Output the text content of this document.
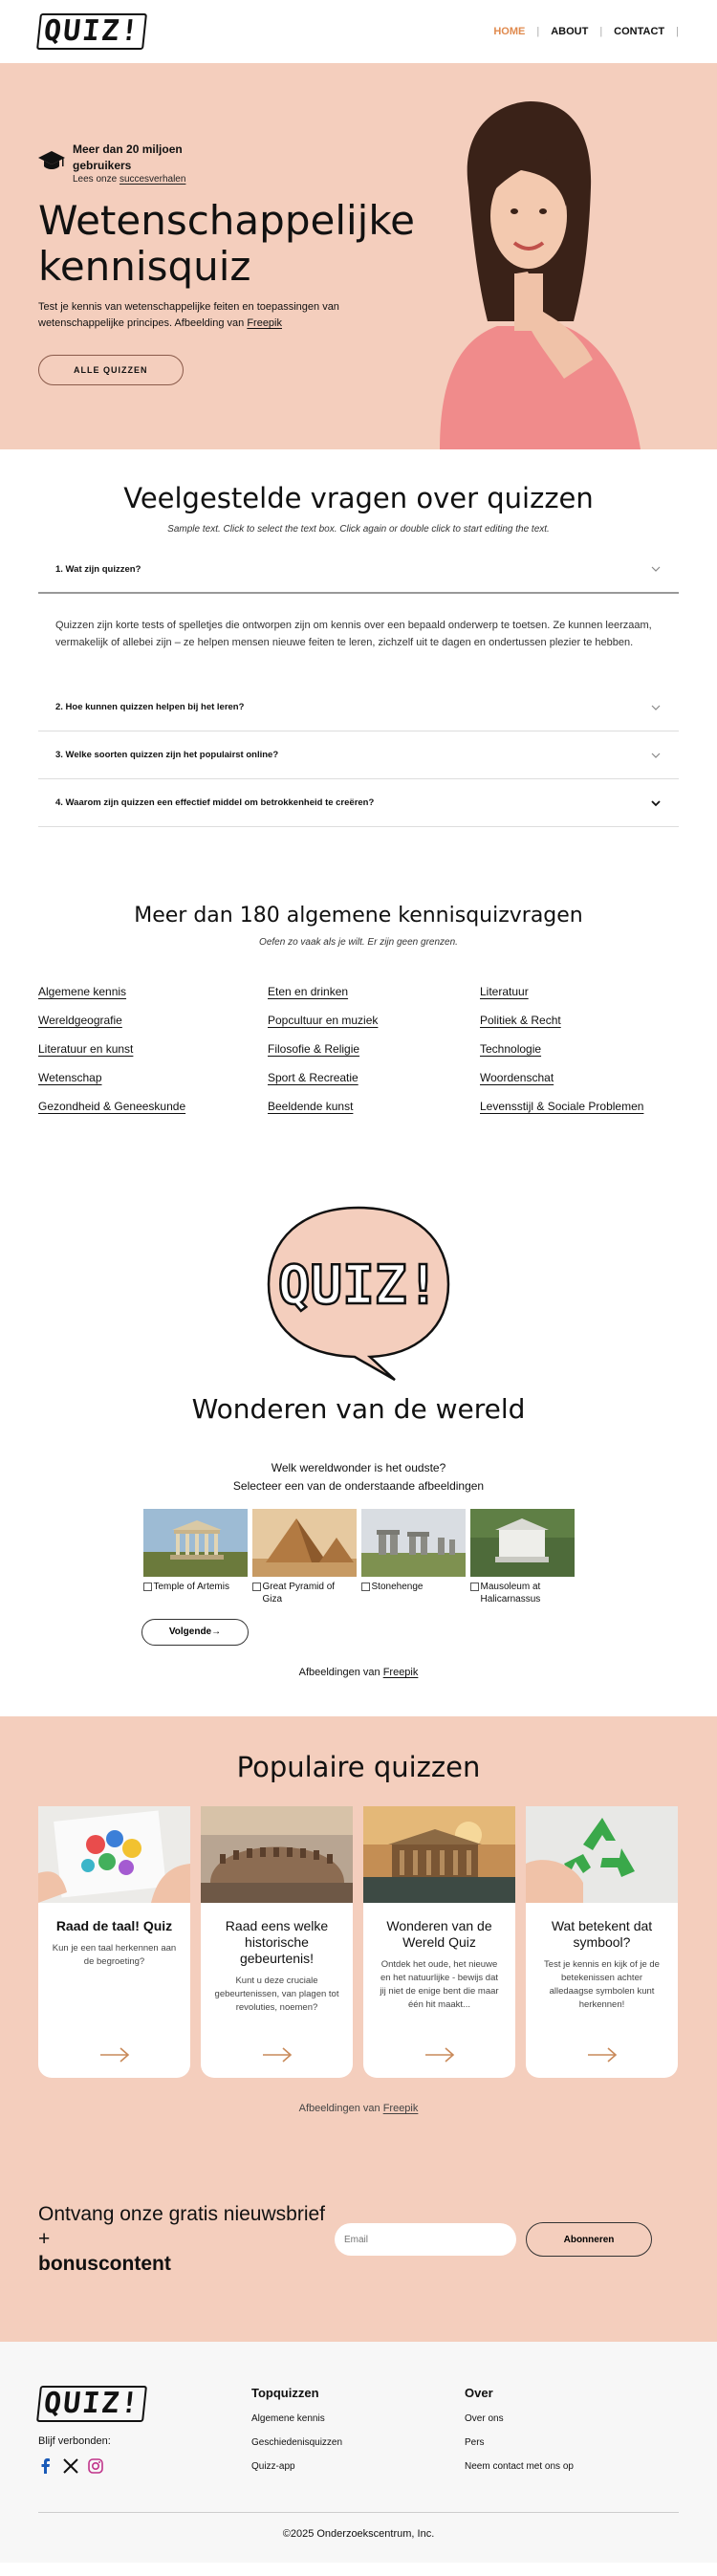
QUIZ!	HOME | ABOUT | CONTACT |
Meer dan 20 miljoen gebruikers
Lees onze succesverhalen
Wetenschappelijke kennisquiz

Test je kennis van wetenschappelijke feiten en toepassingen van wetenschappelijke principes. Afbeelding van Freepik

ALLE QUIZZEN
Veelgestelde vragen over quizzen
Sample text. Click to select the text box. Click again or double click to start editing the text.
1. Wat zijn quizzen?
Quizzen zijn korte tests of spelletjes die ontworpen zijn om kennis over een bepaald onderwerp te toetsen. Ze kunnen leerzaam, vermakelijk of allebei zijn – ze helpen mensen nieuwe feiten te leren, zichzelf uit te dagen en ondertussen plezier te hebben.
2. Hoe kunnen quizzen helpen bij het leren?
3. Welke soorten quizzen zijn het populairst online?
4. Waarom zijn quizzen een effectief middel om betrokkenheid te creëren?
Meer dan 180 algemene kennisquizvragen
Oefen zo vaak als je wilt. Er zijn geen grenzen.
Algemene kennis	Eten en drinken	Literatuur
Wereldgeografie	Popcultuur en muziek	Politiek & Recht
Literatuur en kunst	Filosofie & Religie	Technologie
Wetenschap	Sport & Recreatie	Woordenschat
Gezondheid & Geneeskunde	Beeldende kunst	Levensstijl & Sociale Problemen
QUIZ!
Wonderen van de wereld
Welk wereldwonder is het oudste?
Selecteer een van de onderstaande afbeeldingen
Temple of Artemis	Great Pyramid of Giza
Stonehenge	Mausoleum at Halicarnassus
Volgende→
Afbeeldingen van Freepik
Populaire quizzen
Raad de taal! Quiz

Kun je een taal herkennen aan de begroeting?

Raad eens welke historische gebeurtenis!

Kunt u deze cruciale gebeurtenissen, van plagen tot revoluties, noemen?

Wonderen van de Wereld Quiz

Ontdek het oude, het nieuwe en het natuurlijke - bewijs dat jij niet de enige bent die maar één hit maakt...

Wat betekent dat symbool?

Test je kennis en kijk of je de betekenissen achter alledaagse symbolen kunt herkennen!

Afbeeldingen van Freepik
Ontvang onze gratis nieuwsbrief +
bonuscontent
Email
Abonneren
QUIZ!
Blijf verbonden:
Topquizzen
Algemene kennis
Geschiedenisquizzen
Quizz-app
Over
Over ons
Pers
Neem contact met ons op
©2025 Onderzoekscentrum, Inc.
